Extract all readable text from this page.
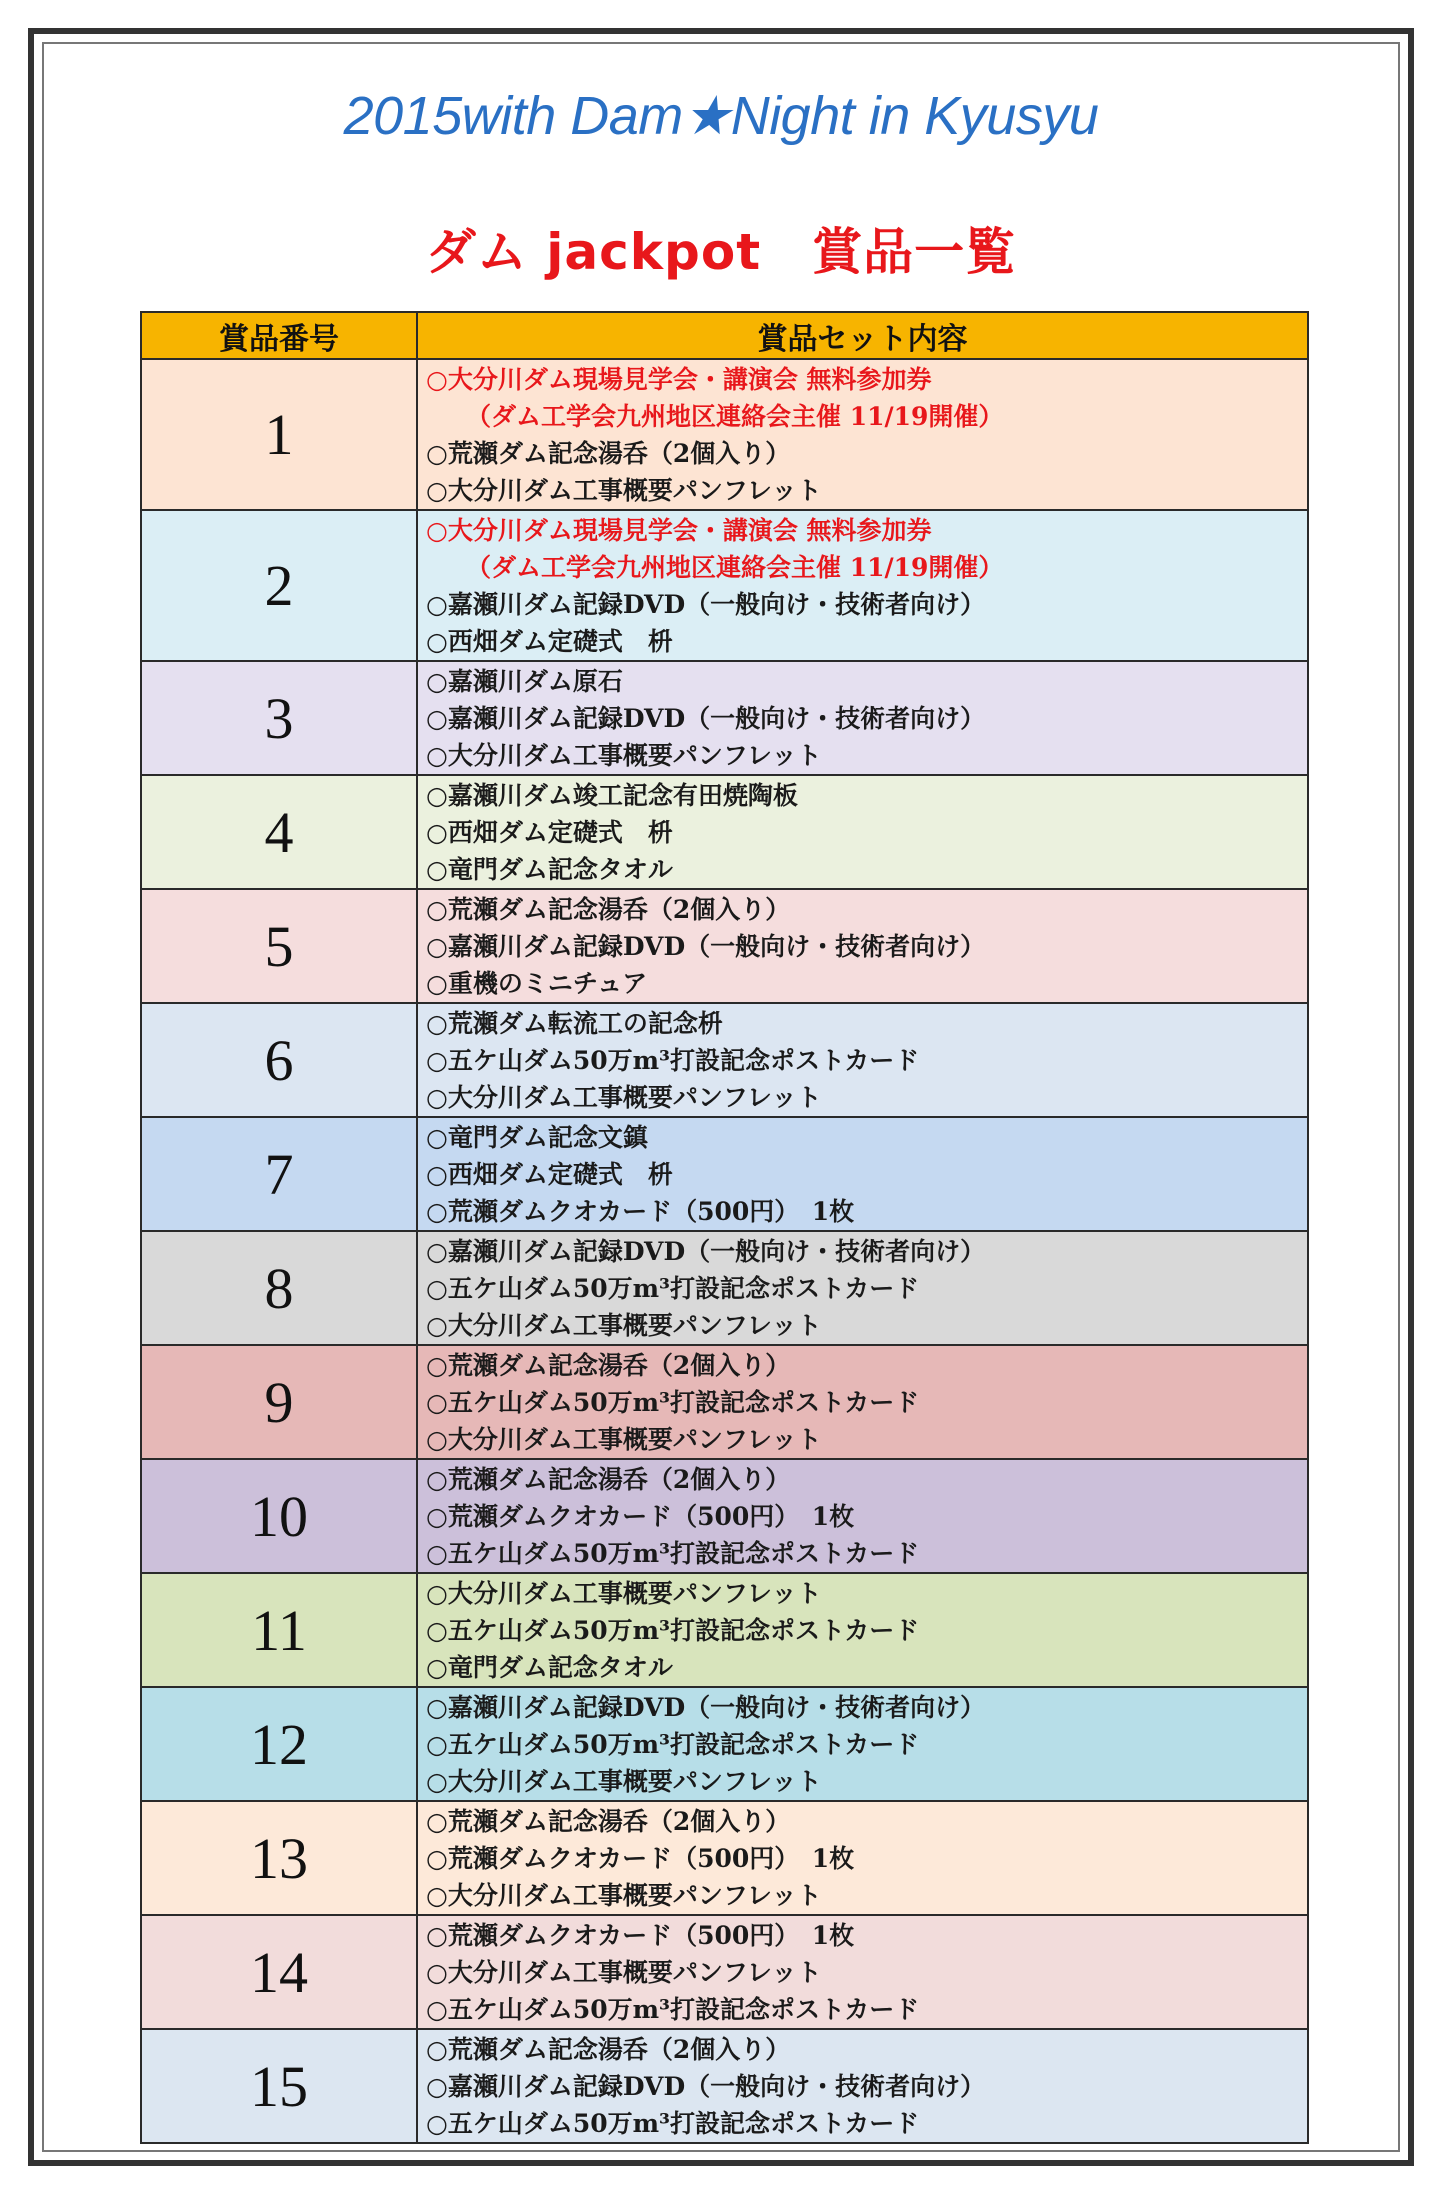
2015with Dam★Night in Kyusyu
ダム jackpot　賞品一覧
賞品番号	賞品セット内容
1	○大分川ダム現場見学会・講演会 無料参加券
（ダム工学会九州地区連絡会主催 11/19開催）
○荒瀬ダム記念湯呑（2個入り）
○大分川ダム工事概要パンフレット

2	○大分川ダム現場見学会・講演会 無料参加券
（ダム工学会九州地区連絡会主催 11/19開催）
○嘉瀬川ダム記録DVD（一般向け・技術者向け）
○西畑ダム定礎式　枡

3	○嘉瀬川ダム原石
○嘉瀬川ダム記録DVD（一般向け・技術者向け）
○大分川ダム工事概要パンフレット

4	○嘉瀬川ダム竣工記念有田焼陶板
○西畑ダム定礎式　枡
○竜門ダム記念タオル

5	○荒瀬ダム記念湯呑（2個入り）
○嘉瀬川ダム記録DVD（一般向け・技術者向け）
○重機のミニチュア

6	○荒瀬ダム転流工の記念枡
○五ケ山ダム50万m³打設記念ポストカード
○大分川ダム工事概要パンフレット

7	○竜門ダム記念文鎮
○西畑ダム定礎式　枡
○荒瀬ダムクオカード（500円）　1枚

8	○嘉瀬川ダム記録DVD（一般向け・技術者向け）
○五ケ山ダム50万m³打設記念ポストカード
○大分川ダム工事概要パンフレット

9	○荒瀬ダム記念湯呑（2個入り）
○五ケ山ダム50万m³打設記念ポストカード
○大分川ダム工事概要パンフレット

10	○荒瀬ダム記念湯呑（2個入り）
○荒瀬ダムクオカード（500円）　1枚
○五ケ山ダム50万m³打設記念ポストカード

11	○大分川ダム工事概要パンフレット
○五ケ山ダム50万m³打設記念ポストカード
○竜門ダム記念タオル

12	○嘉瀬川ダム記録DVD（一般向け・技術者向け）
○五ケ山ダム50万m³打設記念ポストカード
○大分川ダム工事概要パンフレット

13	○荒瀬ダム記念湯呑（2個入り）
○荒瀬ダムクオカード（500円）　1枚
○大分川ダム工事概要パンフレット

14	○荒瀬ダムクオカード（500円）　1枚
○大分川ダム工事概要パンフレット
○五ケ山ダム50万m³打設記念ポストカード

15	○荒瀬ダム記念湯呑（2個入り）
○嘉瀬川ダム記録DVD（一般向け・技術者向け）
○五ケ山ダム50万m³打設記念ポストカード
